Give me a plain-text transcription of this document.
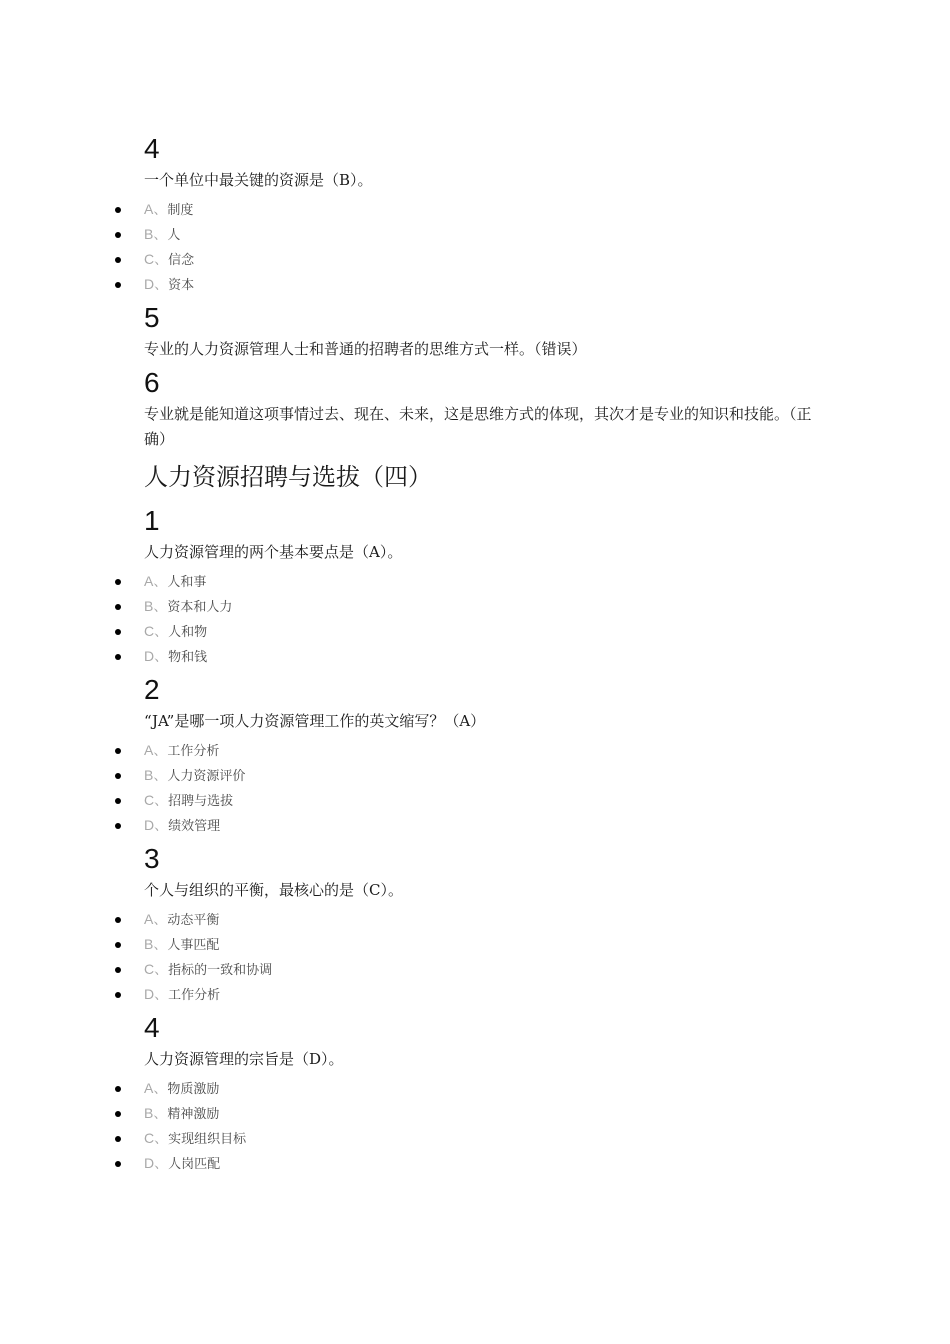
4

一个单位中最关键的资源是（B）。

A、制度
B、人
C、信念
D、资本
5

专业的人力资源管理人士和普通的招聘者的思维方式一样。（错误）

6

专业就是能知道这项事情过去、现在、未来，这是思维方式的体现，其次才是专业的知识和技能。（正确）

人力资源招聘与选拔（四）
1

人力资源管理的两个基本要点是（A）。

A、人和事
B、资本和人力
C、人和物
D、物和钱
2

“JA”是哪一项人力资源管理工作的英文缩写？（A）

A、工作分析
B、人力资源评价
C、招聘与选拔
D、绩效管理
3

个人与组织的平衡，最核心的是（C）。

A、动态平衡
B、人事匹配
C、指标的一致和协调
D、工作分析
4

人力资源管理的宗旨是（D）。

A、物质激励
B、精神激励
C、实现组织目标
D、人岗匹配
